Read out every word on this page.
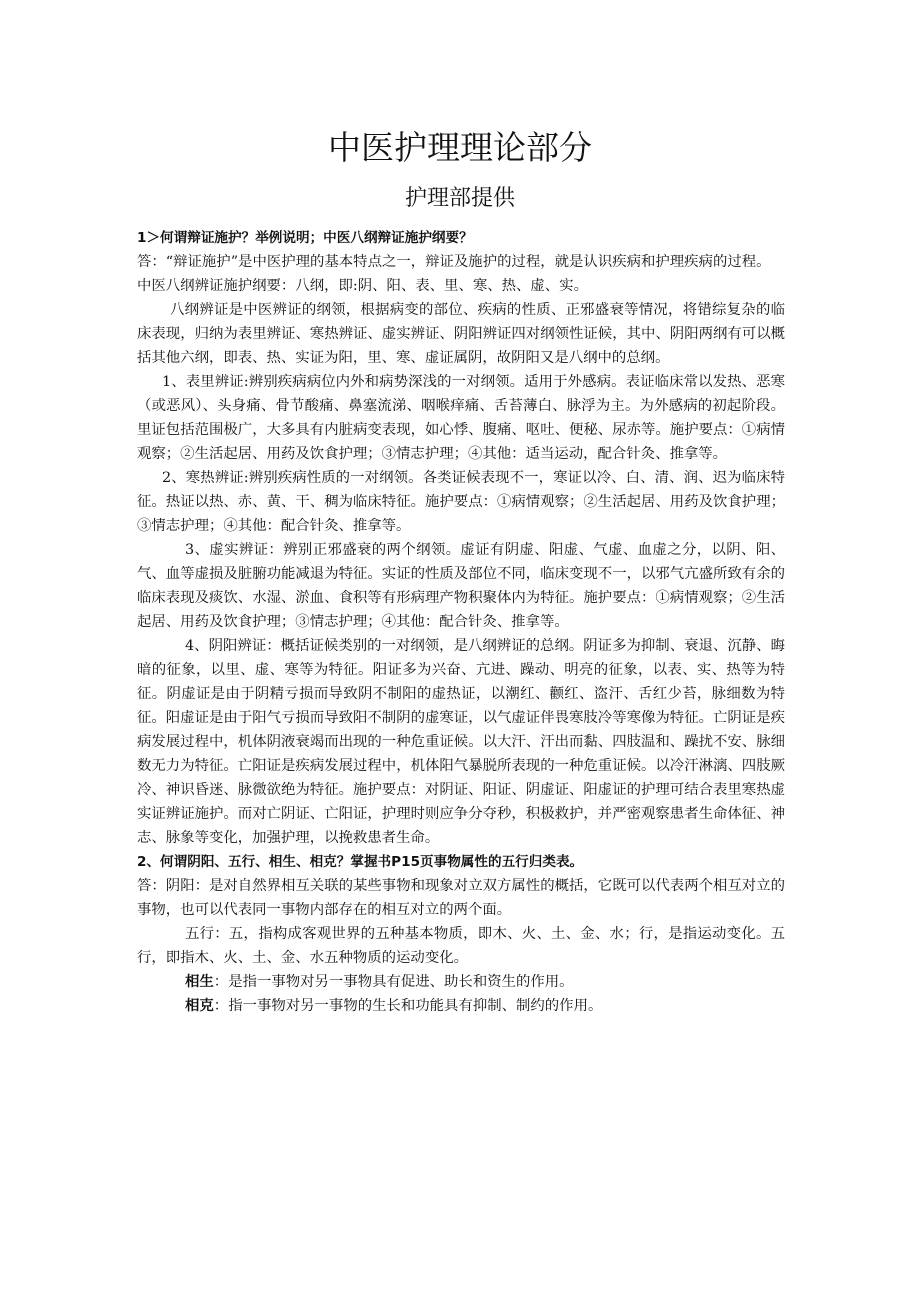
中医护理理论部分
护理部提供

1＞何谓辩证施护？举例说明；中医八纲辩证施护纲要？

答：“辩证施护”是中医护理的基本特点之一，辩证及施护的过程，就是认识疾病和护理疾病的过程。

中医八纲辨证施护纲要：八纲，即:阴、阳、表、里、寒、热、虚、实。

八纲辨证是中医辨证的纲领，根据病变的部位、疾病的性质、正邪盛衰等情况，将错综复杂的临床表现，归纳为表里辨证、寒热辨证、虚实辨证、阴阳辨证四对纲领性证候，其中、阴阳两纲有可以概括其他六纲，即表、热、实证为阳，里、寒、虚证属阴，故阴阳又是八纲中的总纲。

1、表里辨证:辨别疾病病位内外和病势深浅的一对纲领。适用于外感病。表证临床常以发热、恶寒（或恶风）、头身痛、骨节酸痛、鼻塞流涕、咽喉痒痛、舌苔薄白、脉浮为主。为外感病的初起阶段。里证包括范围极广，大多具有内脏病变表现，如心悸、腹痛、呕吐、便秘、尿赤等。施护要点：①病情观察；②生活起居、用药及饮食护理；③情志护理；④其他：适当运动，配合针灸、推拿等。

2、寒热辨证:辨别疾病性质的一对纲领。各类证候表现不一，寒证以冷、白、清、润、迟为临床特征。热证以热、赤、黄、干、稠为临床特征。施护要点：①病情观察；②生活起居、用药及饮食护理；③情志护理；④其他：配合针灸、推拿等。

3、虚实辨证：辨别正邪盛衰的两个纲领。虚证有阴虚、阳虚、气虚、血虚之分，以阴、阳、气、血等虚损及脏腑功能减退为特征。实证的性质及部位不同，临床变现不一，以邪气亢盛所致有余的临床表现及痰饮、水湿、淤血、食积等有形病理产物积聚体内为特征。施护要点：①病情观察；②生活起居、用药及饮食护理；③情志护理；④其他：配合针灸、推拿等。

4、阴阳辨证：概括证候类别的一对纲领，是八纲辨证的总纲。阴证多为抑制、衰退、沉静、晦暗的征象，以里、虚、寒等为特征。阳证多为兴奋、亢进、躁动、明亮的征象，以表、实、热等为特征。阴虚证是由于阴精亏损而导致阴不制阳的虚热证，以潮红、颧红、盗汗、舌红少苔，脉细数为特征。阳虚证是由于阳气亏损而导致阳不制阴的虚寒证，以气虚证伴畏寒肢冷等寒像为特征。亡阴证是疾病发展过程中，机体阴液衰竭而出现的一种危重证候。以大汗、汗出而黏、四肢温和、躁扰不安、脉细数无力为特征。亡阳证是疾病发展过程中，机体阳气暴脱所表现的一种危重证候。以冷汗淋漓、四肢厥冷、神识昏迷、脉微欲绝为特征。施护要点：对阴证、阳证、阴虚证、阳虚证的护理可结合表里寒热虚实证辨证施护。而对亡阴证、亡阳证，护理时则应争分夺秒，积极救护，并严密观察患者生命体征、神志、脉象等变化，加强护理，以挽救患者生命。

2、何谓阴阳、五行、相生、相克？掌握书P15页事物属性的五行归类表。

答：阴阳：是对自然界相互关联的某些事物和现象对立双方属性的概括，它既可以代表两个相互对立的事物，也可以代表同一事物内部存在的相互对立的两个面。

五行：五，指构成客观世界的五种基本物质，即木、火、土、金、水；行，是指运动变化。五行，即指木、火、土、金、水五种物质的运动变化。

相生：是指一事物对另一事物具有促进、助长和资生的作用。

相克：指一事物对另一事物的生长和功能具有抑制、制约的作用。
